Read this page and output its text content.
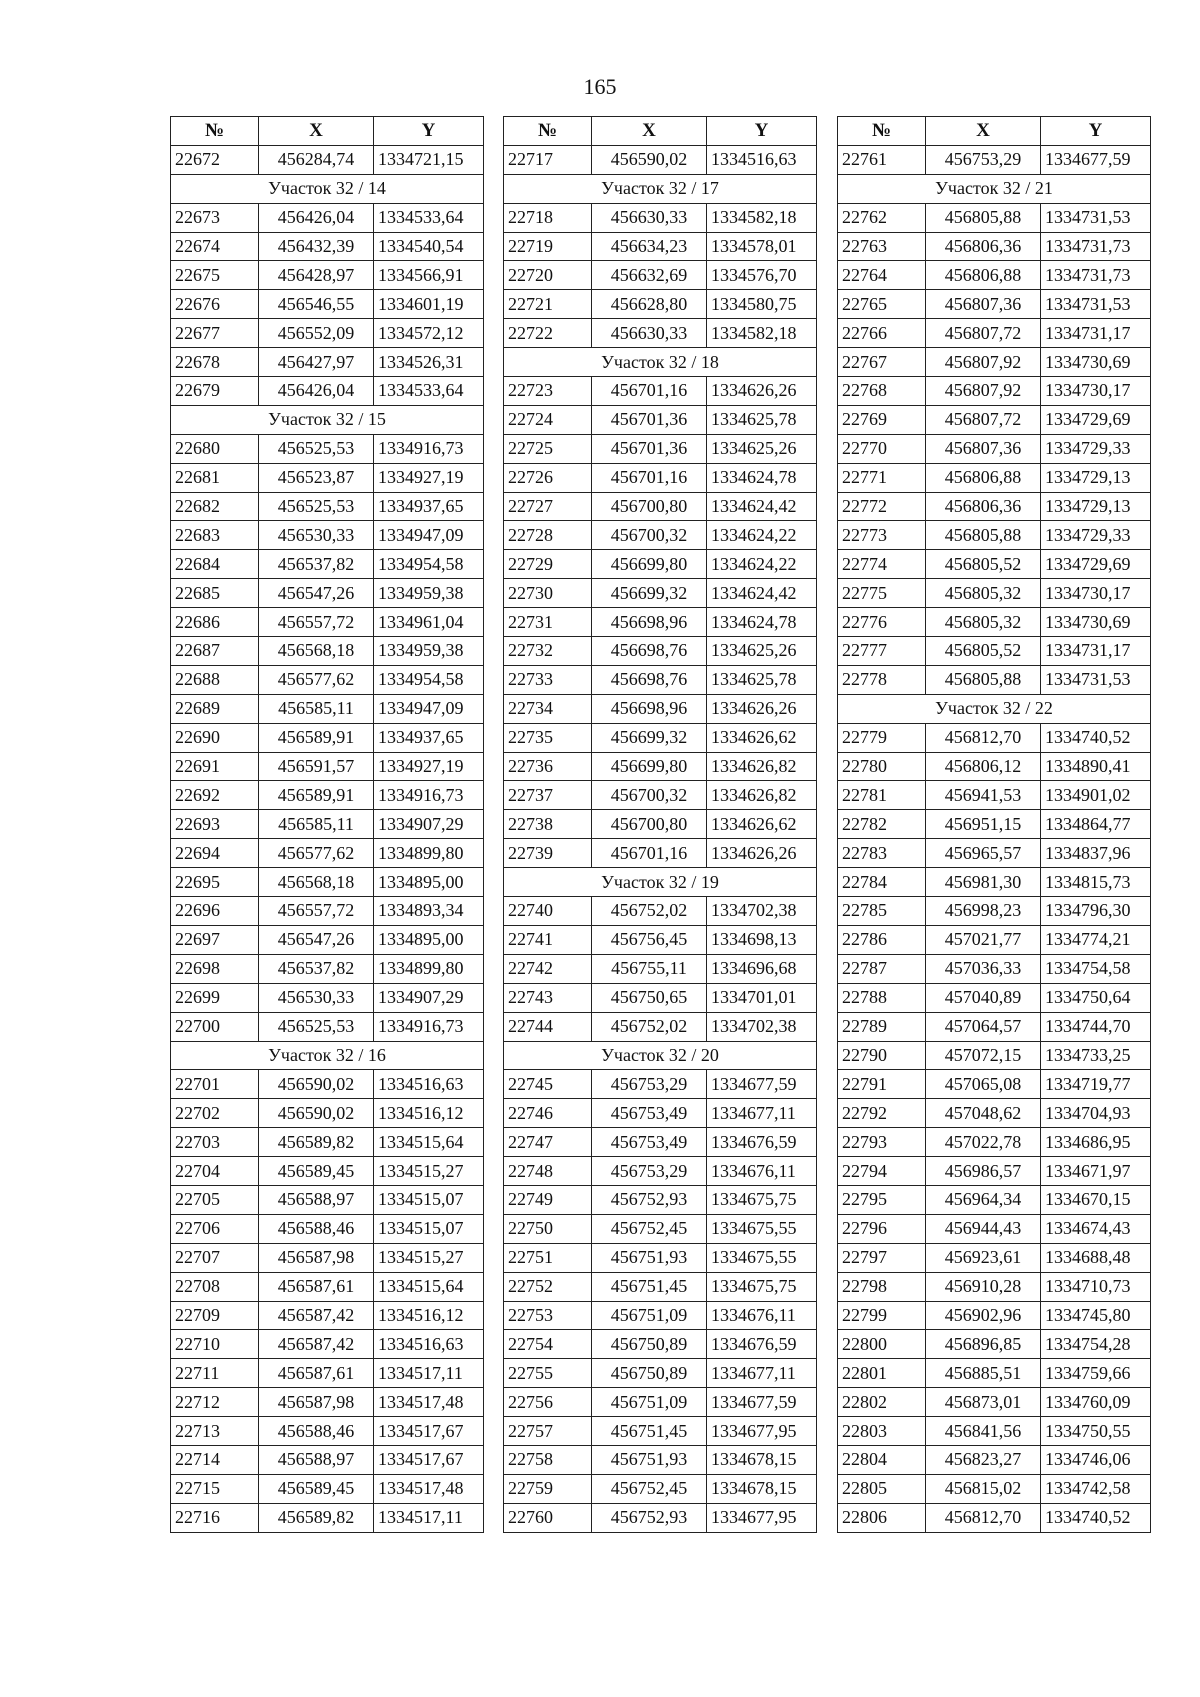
165
№	X	Y
22672	456284,74	1334721,15
Участок 32 / 14		
22673	456426,04	1334533,64
22674	456432,39	1334540,54
22675	456428,97	1334566,91
22676	456546,55	1334601,19
22677	456552,09	1334572,12
22678	456427,97	1334526,31
22679	456426,04	1334533,64
Участок 32 / 15		
22680	456525,53	1334916,73
22681	456523,87	1334927,19
22682	456525,53	1334937,65
22683	456530,33	1334947,09
22684	456537,82	1334954,58
22685	456547,26	1334959,38
22686	456557,72	1334961,04
22687	456568,18	1334959,38
22688	456577,62	1334954,58
22689	456585,11	1334947,09
22690	456589,91	1334937,65
22691	456591,57	1334927,19
22692	456589,91	1334916,73
22693	456585,11	1334907,29
22694	456577,62	1334899,80
22695	456568,18	1334895,00
22696	456557,72	1334893,34
22697	456547,26	1334895,00
22698	456537,82	1334899,80
22699	456530,33	1334907,29
22700	456525,53	1334916,73
Участок 32 / 16		
22701	456590,02	1334516,63
22702	456590,02	1334516,12
22703	456589,82	1334515,64
22704	456589,45	1334515,27
22705	456588,97	1334515,07
22706	456588,46	1334515,07
22707	456587,98	1334515,27
22708	456587,61	1334515,64
22709	456587,42	1334516,12
22710	456587,42	1334516,63
22711	456587,61	1334517,11
22712	456587,98	1334517,48
22713	456588,46	1334517,67
22714	456588,97	1334517,67
22715	456589,45	1334517,48
22716	456589,82	1334517,11
№	X	Y
22717	456590,02	1334516,63
Участок 32 / 17		
22718	456630,33	1334582,18
22719	456634,23	1334578,01
22720	456632,69	1334576,70
22721	456628,80	1334580,75
22722	456630,33	1334582,18
Участок 32 / 18		
22723	456701,16	1334626,26
22724	456701,36	1334625,78
22725	456701,36	1334625,26
22726	456701,16	1334624,78
22727	456700,80	1334624,42
22728	456700,32	1334624,22
22729	456699,80	1334624,22
22730	456699,32	1334624,42
22731	456698,96	1334624,78
22732	456698,76	1334625,26
22733	456698,76	1334625,78
22734	456698,96	1334626,26
22735	456699,32	1334626,62
22736	456699,80	1334626,82
22737	456700,32	1334626,82
22738	456700,80	1334626,62
22739	456701,16	1334626,26
Участок 32 / 19		
22740	456752,02	1334702,38
22741	456756,45	1334698,13
22742	456755,11	1334696,68
22743	456750,65	1334701,01
22744	456752,02	1334702,38
Участок 32 / 20		
22745	456753,29	1334677,59
22746	456753,49	1334677,11
22747	456753,49	1334676,59
22748	456753,29	1334676,11
22749	456752,93	1334675,75
22750	456752,45	1334675,55
22751	456751,93	1334675,55
22752	456751,45	1334675,75
22753	456751,09	1334676,11
22754	456750,89	1334676,59
22755	456750,89	1334677,11
22756	456751,09	1334677,59
22757	456751,45	1334677,95
22758	456751,93	1334678,15
22759	456752,45	1334678,15
22760	456752,93	1334677,95
№	X	Y
22761	456753,29	1334677,59
Участок 32 / 21		
22762	456805,88	1334731,53
22763	456806,36	1334731,73
22764	456806,88	1334731,73
22765	456807,36	1334731,53
22766	456807,72	1334731,17
22767	456807,92	1334730,69
22768	456807,92	1334730,17
22769	456807,72	1334729,69
22770	456807,36	1334729,33
22771	456806,88	1334729,13
22772	456806,36	1334729,13
22773	456805,88	1334729,33
22774	456805,52	1334729,69
22775	456805,32	1334730,17
22776	456805,32	1334730,69
22777	456805,52	1334731,17
22778	456805,88	1334731,53
Участок 32 / 22		
22779	456812,70	1334740,52
22780	456806,12	1334890,41
22781	456941,53	1334901,02
22782	456951,15	1334864,77
22783	456965,57	1334837,96
22784	456981,30	1334815,73
22785	456998,23	1334796,30
22786	457021,77	1334774,21
22787	457036,33	1334754,58
22788	457040,89	1334750,64
22789	457064,57	1334744,70
22790	457072,15	1334733,25
22791	457065,08	1334719,77
22792	457048,62	1334704,93
22793	457022,78	1334686,95
22794	456986,57	1334671,97
22795	456964,34	1334670,15
22796	456944,43	1334674,43
22797	456923,61	1334688,48
22798	456910,28	1334710,73
22799	456902,96	1334745,80
22800	456896,85	1334754,28
22801	456885,51	1334759,66
22802	456873,01	1334760,09
22803	456841,56	1334750,55
22804	456823,27	1334746,06
22805	456815,02	1334742,58
22806	456812,70	1334740,52
